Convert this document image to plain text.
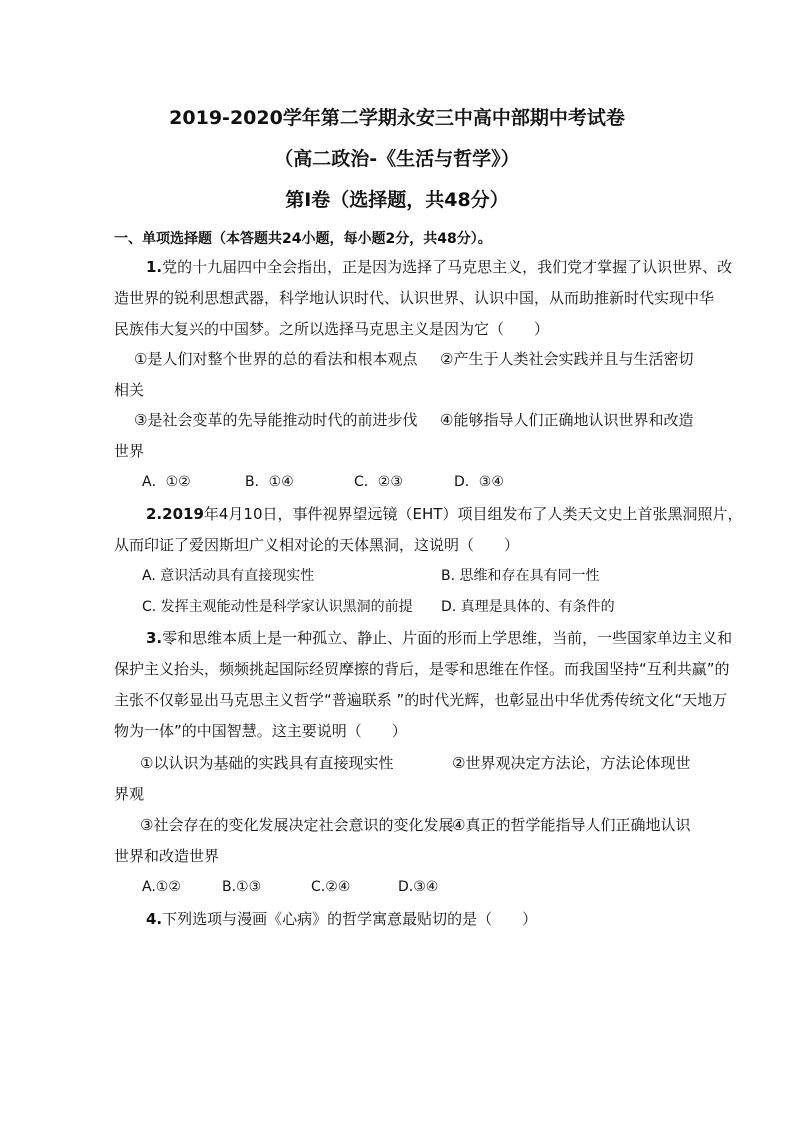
2019-2020学年第二学期永安三中高中部期中考试卷
（高二政治-《生活与哲学》）
第Ⅰ卷（选择题，共48分）
一、单项选择题（本答题共24小题，每小题2分，共48分）。
1.党的十九届四中全会指出，正是因为选择了马克思主义，我们党才掌握了认识世界、改
造世界的锐利思想武器，科学地认识时代、认识世界、认识中国，从而助推新时代实现中华
民族伟大复兴的中国梦。之所以选择马克思主义是因为它（　　）
①是人们对整个世界的总的看法和根本观点 ②产生于人类社会实践并且与生活密切
相关
③是社会变革的先导能推动时代的前进步伐 ④能够指导人们正确地认识世界和改造
世界
A．①②	B．①④	C．②③	D．③④
2.2019年4月10日，事件视界望远镜（EHT）项目组发布了人类天文史上首张黑洞照片，
从而印证了爱因斯坦广义相对论的天体黑洞，这说明（　　）
A. 意识活动具有直接现实性	B. 思维和存在具有同一性
C. 发挥主观能动性是科学家认识黑洞的前提 D. 真理是具体的、有条件的
3.零和思维本质上是一种孤立、静止、片面的形而上学思维，当前，一些国家单边主义和
保护主义抬头，频频挑起国际经贸摩擦的背后，是零和思维在作怪。而我国坚持“互利共赢”的
主张不仅彰显出马克思主义哲学“普遍联系 ”的时代光辉，也彰显出中华优秀传统文化“天地万
物为一体”的中国智慧。这主要说明（　　）
①以认识为基础的实践具有直接现实性	②世界观决定方法论，方法论体现世
界观
③社会存在的变化发展决定社会意识的变化发展
④真正的哲学能指导人们正确地认识
世界和改造世界
A.①②	B.①③	C.②④	D.③④
4.下列选项与漫画《心病》的哲学寓意最贴切的是（　　）
